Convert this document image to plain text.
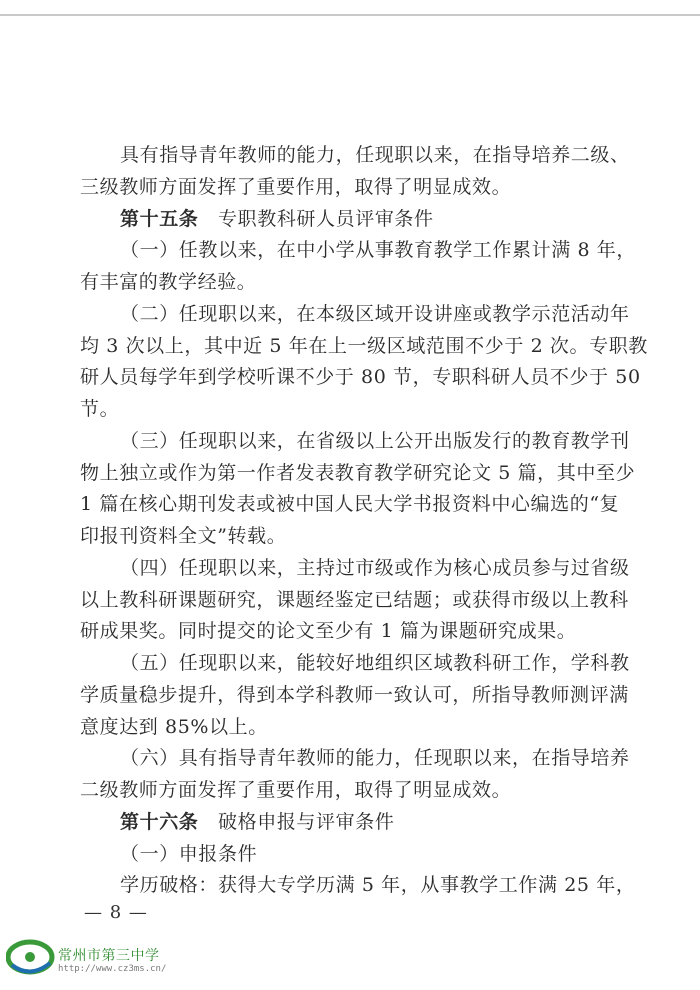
具有指导青年教师的能力，任现职以来，在指导培养二级、
三级教师方面发挥了重要作用，取得了明显成效。
第十五条　 专职教科研人员评审条件
（一）任教以来，在中小学从事教育教学工作累计满 8 年，
有丰富的教学经验。
（二）任现职以来，在本级区域开设讲座或教学示范活动年
均 3 次以上，其中近 5 年在上一级区域范围不少于 2 次。专职教
研人员每学年到学校听课不少于 80 节，专职科研人员不少于 50
节。
（三）任现职以来，在省级以上公开出版发行的教育教学刊
物上独立或作为第一作者发表教育教学研究论文 5 篇，其中至少
1 篇在核心期刊发表或被中国人民大学书报资料中心编选的“复
印报刊资料全文”转载。
（四）任现职以来，主持过市级或作为核心成员参与过省级
以上教科研课题研究，课题经鉴定已结题；或获得市级以上教科
研成果奖。同时提交的论文至少有 1 篇为课题研究成果。
（五）任现职以来，能较好地组织区域教科研工作，学科教
学质量稳步提升，得到本学科教师一致认可，所指导教师测评满
意度达到 85%以上。
（六）具有指导青年教师的能力，任现职以来，在指导培养
二级教师方面发挥了重要作用，取得了明显成效。
第十六条　 破格申报与评审条件
（一）申报条件
学历破格：获得大专学历满 5 年，从事教学工作满 25 年，
— 8 —
常州市第三中学
http://www.cz3ms.cn/
